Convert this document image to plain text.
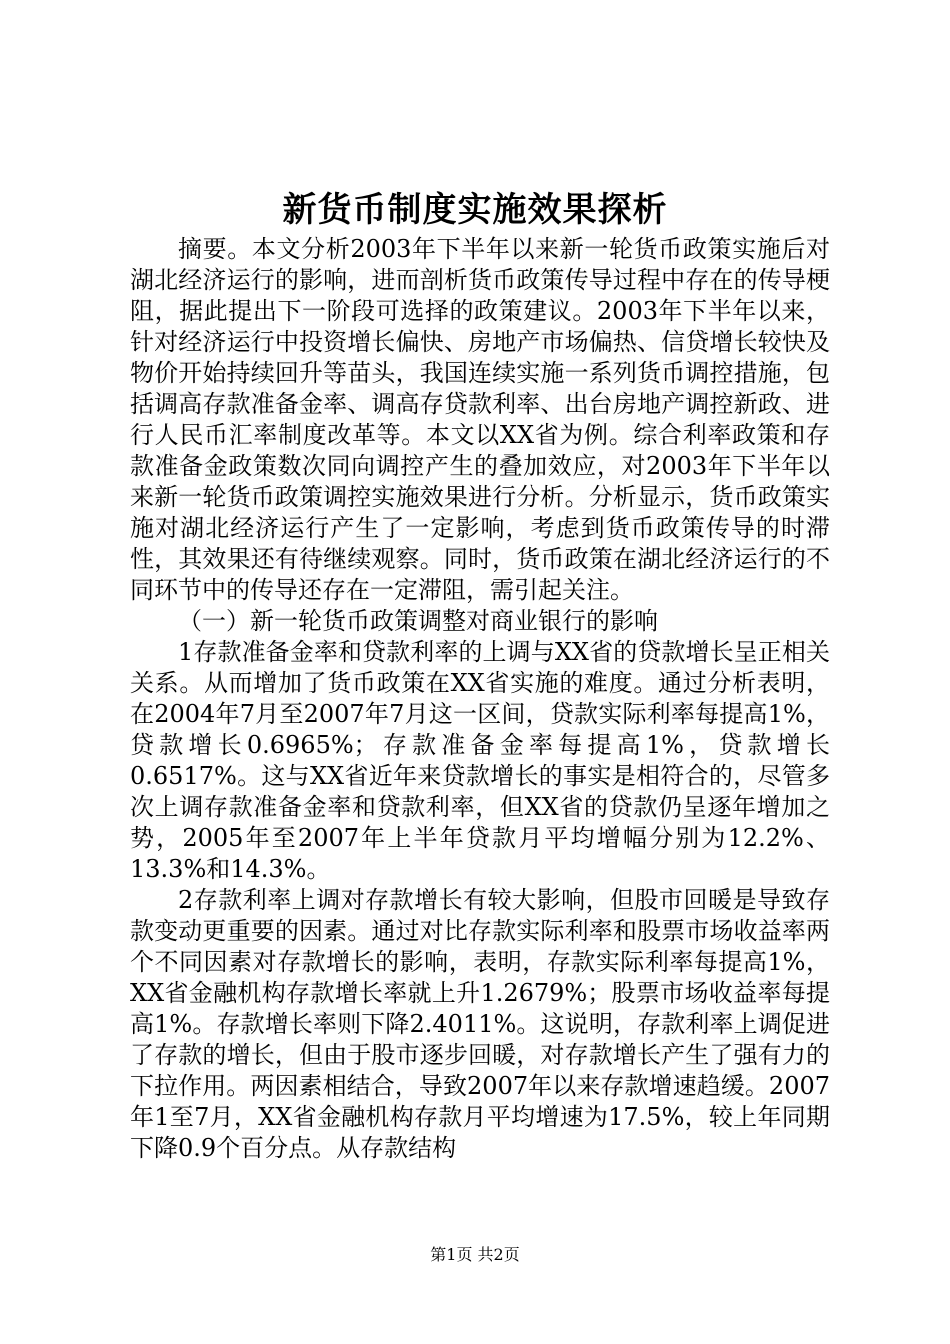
新货币制度实施效果探析

摘要。本文分析2003年下半年以来新一轮货币政策实施后对湖北经济运行的影响，进而剖析货币政策传导过程中存在的传导梗阻，据此提出下一阶段可选择的政策建议。2003年下半年以来，针对经济运行中投资增长偏快、房地产市场偏热、信贷增长较快及物价开始持续回升等苗头，我国连续实施一系列货币调控措施，包括调高存款准备金率、调高存贷款利率、出台房地产调控新政、进行人民币汇率制度改革等。本文以XX省为例。综合利率政策和存款准备金政策数次同向调控产生的叠加效应，对2003年下半年以来新一轮货币政策调控实施效果进行分析。分析显示，货币政策实施对湖北经济运行产生了一定影响，考虑到货币政策传导的时滞性，其效果还有待继续观察。同时，货币政策在湖北经济运行的不同环节中的传导还存在一定滞阻，需引起关注。

（一）新一轮货币政策调整对商业银行的影响

1存款准备金率和贷款利率的上调与XX省的贷款增长呈正相关关系。从而增加了货币政策在XX省实施的难度。通过分析表明，在2004年7月至2007年7月这一区间，贷款实际利率每提高1%，贷款增长0.6965%；存款准备金率每提高1%，贷款增长0.6517%。这与XX省近年来贷款增长的事实是相符合的，尽管多次上调存款准备金率和贷款利率，但XX省的贷款仍呈逐年增加之势，2005年至2007年上半年贷款月平均增幅分别为12.2%、13.3%和14.3%。

2存款利率上调对存款增长有较大影响，但股市回暖是导致存款变动更重要的因素。通过对比存款实际利率和股票市场收益率两个不同因素对存款增长的影响，表明，存款实际利率每提高1%，XX省金融机构存款增长率就上升1.2679%；股票市场收益率每提高1%。存款增长率则下降2.4011%。这说明，存款利率上调促进了存款的增长，但由于股市逐步回暖，对存款增长产生了强有力的下拉作用。两因素相结合，导致2007年以来存款增速趋缓。2007年1至7月，XX省金融机构存款月平均增速为17.5%，较上年同期下降0.9个百分点。从存款结构

第1页 共2页
